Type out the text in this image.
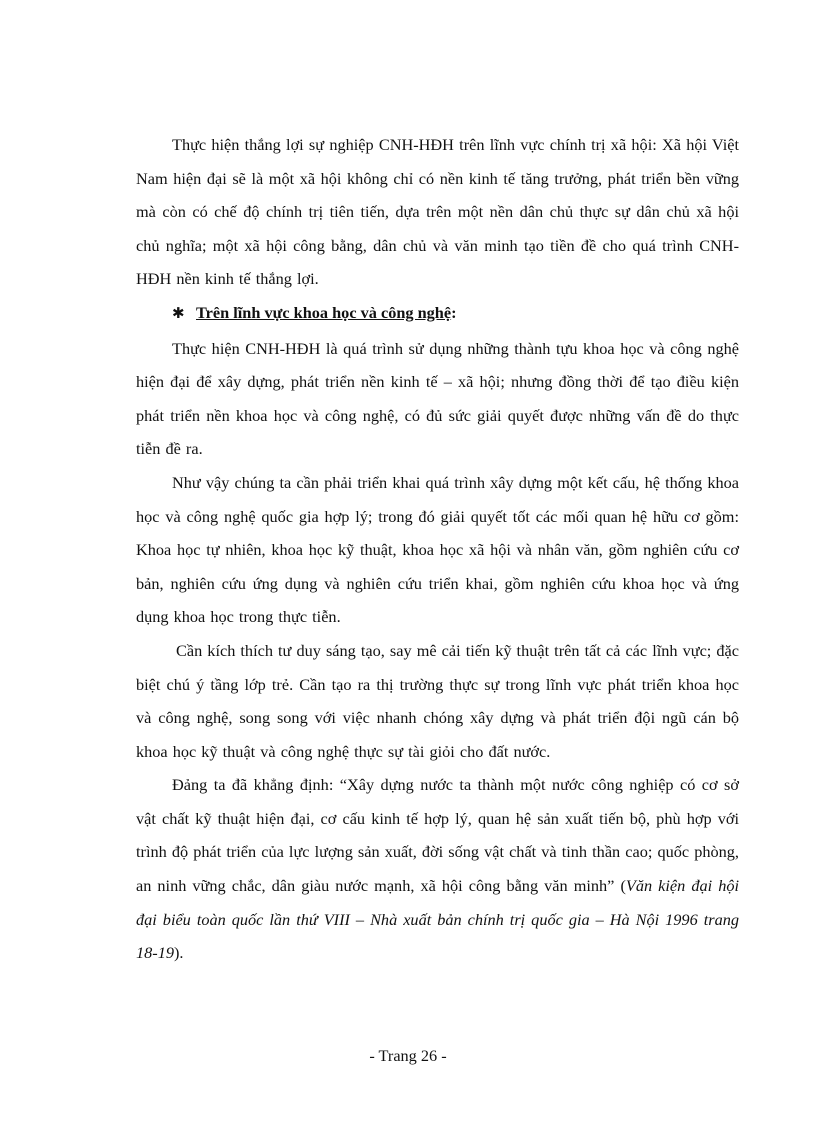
Thực hiện thắng lợi sự nghiệp CNH-HĐH trên lĩnh vực chính trị xã hội: Xã hội Việt Nam hiện đại sẽ là một xã hội không chỉ có nền kinh tế tăng trưởng, phát triển bền vững mà còn có chế độ chính trị tiên tiến, dựa trên một nền dân chủ thực sự dân chủ xã hội chủ nghĩa; một xã hội công bằng, dân chủ và văn minh tạo tiền đề cho quá trình CNH-HĐH nền kinh tế thắng lợi.

✱ Trên lĩnh vực khoa học và công nghệ :

Thực hiện CNH-HĐH là quá trình sử dụng những thành tựu khoa học và công nghệ hiện đại để xây dựng, phát triển nền kinh tế – xã hội; nhưng đồng thời để tạo điều kiện phát triển nền khoa học và công nghệ, có đủ sức giải quyết được những vấn đề do thực tiễn đề ra.

Như vậy chúng ta cần phải triển khai quá trình xây dựng một kết cấu, hệ thống khoa học và công nghệ quốc gia hợp lý; trong đó giải quyết tốt các mối quan hệ hữu cơ gồm: Khoa học tự nhiên, khoa học kỹ thuật, khoa học xã hội và nhân văn, gồm nghiên cứu cơ bản, nghiên cứu ứng dụng và nghiên cứu triển khai, gồm nghiên cứu khoa học và ứng dụng khoa học trong thực tiễn.

Cần kích thích tư duy sáng tạo, say mê cải tiến kỹ thuật trên tất cả các lĩnh vực; đặc biệt chú ý tầng lớp trẻ. Cần tạo ra thị trường thực sự trong lĩnh vực phát triển khoa học và công nghệ, song song với việc nhanh chóng xây dựng và phát triển đội ngũ cán bộ khoa học kỹ thuật và công nghệ thực sự tài giỏi cho đất nước.

Đảng ta đã khẳng định: “Xây dựng nước ta thành một nước công nghiệp có cơ sở vật chất kỹ thuật hiện đại, cơ cấu kinh tế hợp lý, quan hệ sản xuất tiến bộ, phù hợp với trình độ phát triển của lực lượng sản xuất, đời sống vật chất và tinh thần cao; quốc phòng, an ninh vững chắc, dân giàu nước mạnh, xã hội công bằng văn minh” (Văn kiện đại hội đại biểu toàn quốc lần thứ VIII – Nhà xuất bản chính trị quốc gia – Hà Nội 1996 trang 18-19).

- Trang 26 -
